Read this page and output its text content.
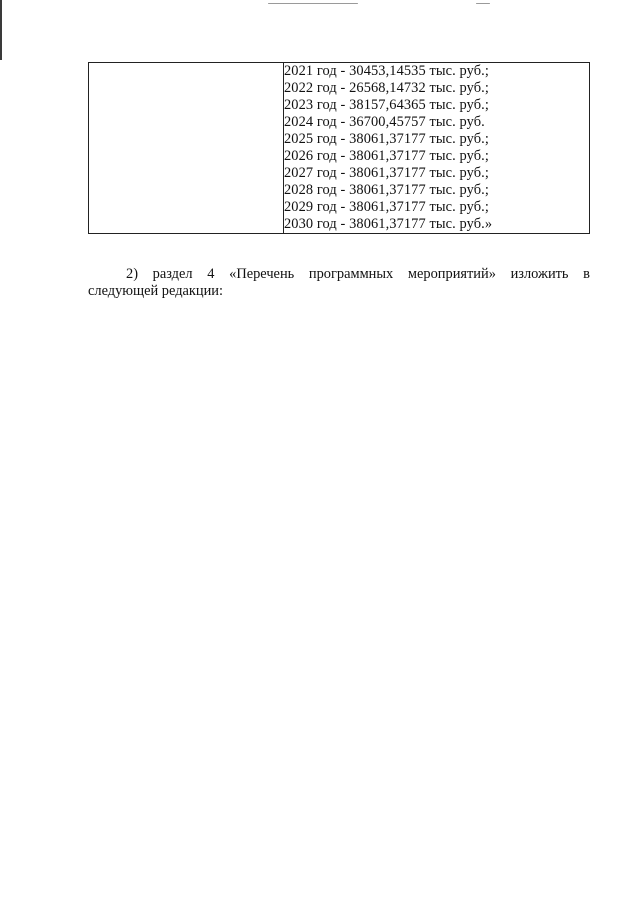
2021 год - 30453,14535 тыс. руб.;
2022 год - 26568,14732 тыс. руб.;
2023 год - 38157,64365 тыс. руб.;
2024 год - 36700,45757 тыс. руб.
2025 год - 38061,37177 тыс. руб.;
2026 год - 38061,37177 тыс. руб.;
2027 год - 38061,37177 тыс. руб.;
2028 год - 38061,37177 тыс. руб.;
2029 год - 38061,37177 тыс. руб.;
2030 год - 38061,37177 тыс. руб.»
2) раздел 4 «Перечень программных мероприятий» изложить в
следующей редакции:
